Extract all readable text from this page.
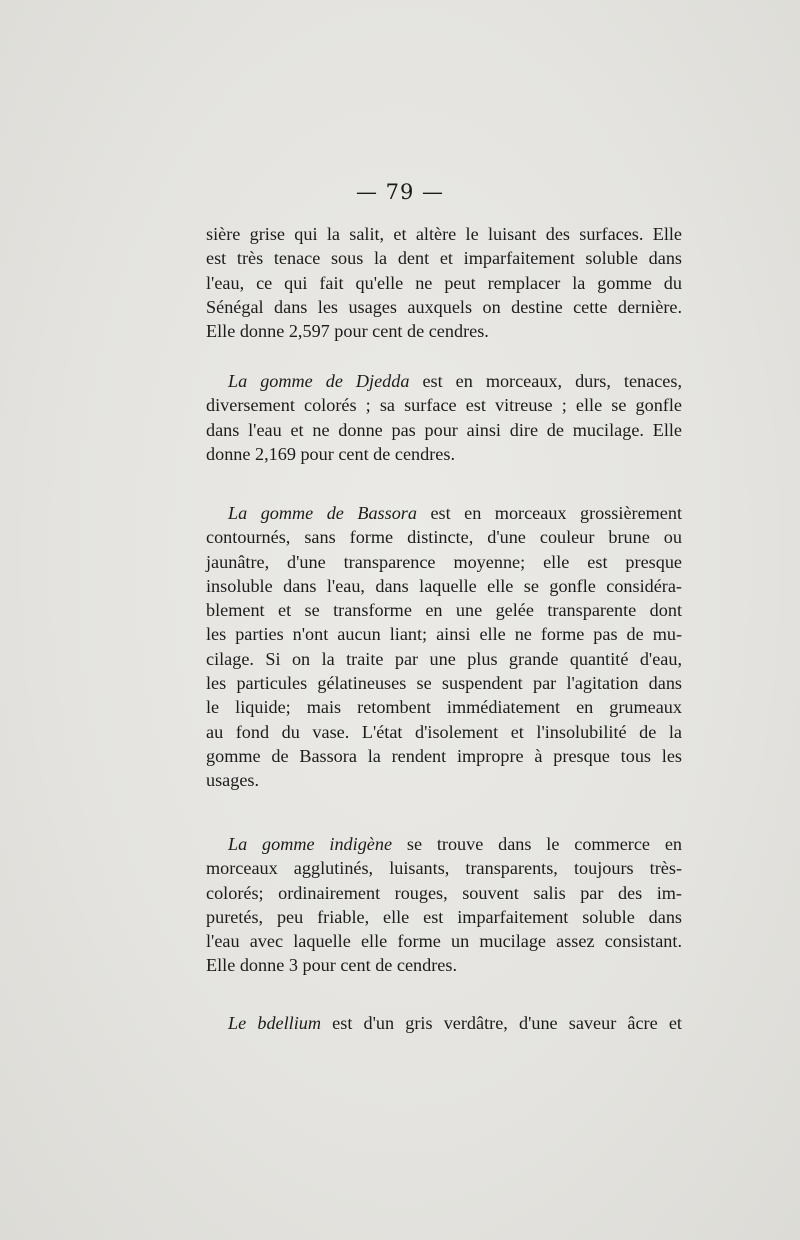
— 79 —
sière grise qui la salit, et altère le luisant des surfaces. Elle
est très tenace sous la dent et imparfaitement soluble dans
l'eau, ce qui fait qu'elle ne peut remplacer la gomme du
Sénégal dans les usages auxquels on destine cette dernière.
Elle donne 2,597 pour cent de cendres.
La gomme de Djedda est en morceaux, durs, tenaces,
diversement colorés ; sa surface est vitreuse ; elle se gonfle
dans l'eau et ne donne pas pour ainsi dire de mucilage. Elle
donne 2,169 pour cent de cendres.
La gomme de Bassora est en morceaux grossièrement
contournés, sans forme distincte, d'une couleur brune ou
jaunâtre, d'une transparence moyenne; elle est presque
insoluble dans l'eau, dans laquelle elle se gonfle considéra-
blement et se transforme en une gelée transparente dont
les parties n'ont aucun liant; ainsi elle ne forme pas de mu-
cilage. Si on la traite par une plus grande quantité d'eau,
les particules gélatineuses se suspendent par l'agitation dans
le liquide; mais retombent immédiatement en grumeaux
au fond du vase. L'état d'isolement et l'insolubilité de la
gomme de Bassora la rendent impropre à presque tous les
usages.
La gomme indigène se trouve dans le commerce en
morceaux agglutinés, luisants, transparents, toujours très-
colorés; ordinairement rouges, souvent salis par des im-
puretés, peu friable, elle est imparfaitement soluble dans
l'eau avec laquelle elle forme un mucilage assez consistant.
Elle donne 3 pour cent de cendres.
Le bdellium est d'un gris verdâtre, d'une saveur âcre et
